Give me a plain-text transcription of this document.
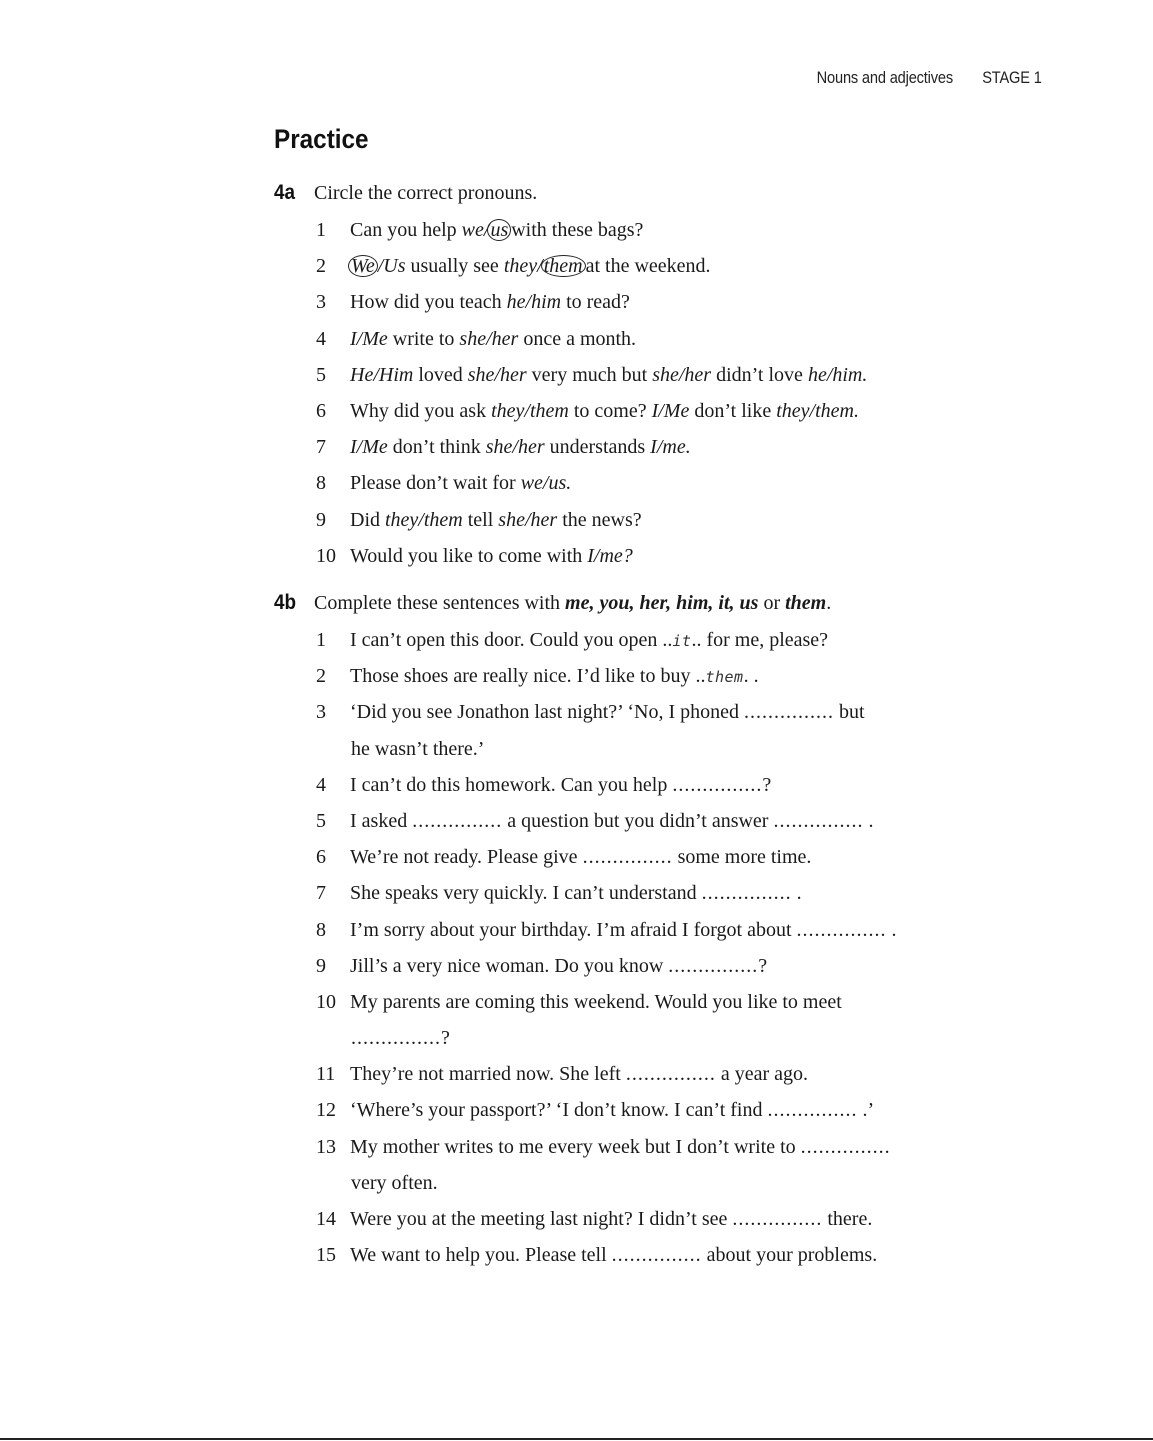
Nouns and adjectives STAGE 1
Practice
4a Circle the correct pronouns.
1	Can you help we/us with these bags?
2	We /Us usually see they/them at the weekend.
3	How did you teach he/him to read?
4	I/Me write to she/her once a month.
5	He/Him loved she/her very much but she/her didn’t love he/him.
6	Why did you ask they/them to come? I/Me don’t like they/them.
7	I/Me don’t think she/her understands I/me.
8	Please don’t wait for we/us.
9	Did they/them tell she/her the news?
10 Would you like to come with I/me?
4b Complete these sentences with me, you, her, him, it, us or them.
1	I can’t open this door. Could you open ..it.. for me, please?
2	Those shoes are really nice. I’d like to buy ..them. .
3	‘Did you see Jonathon last night?’ ‘No, I phoned ............... but
he wasn’t there.’
4	I can’t do this homework. Can you help ...............?
5	I asked ............... a question but you didn’t answer ............... .
6	We’re not ready. Please give ............... some more time.
7	She speaks very quickly. I can’t understand ............... .
8	I’m sorry about your birthday. I’m afraid I forgot about ............... .
9	Jill’s a very nice woman. Do you know ...............?
10 My parents are coming this weekend. Would you like to meet
...............?
11 They’re not married now. She left ............... a year ago.
12 ‘Where’s your passport?’ ‘I don’t know. I can’t find ............... .’
13 My mother writes to me every week but I don’t write to ...............
very often.
14 Were you at the meeting last night? I didn’t see ............... there.
15 We want to help you. Please tell ............... about your problems.
